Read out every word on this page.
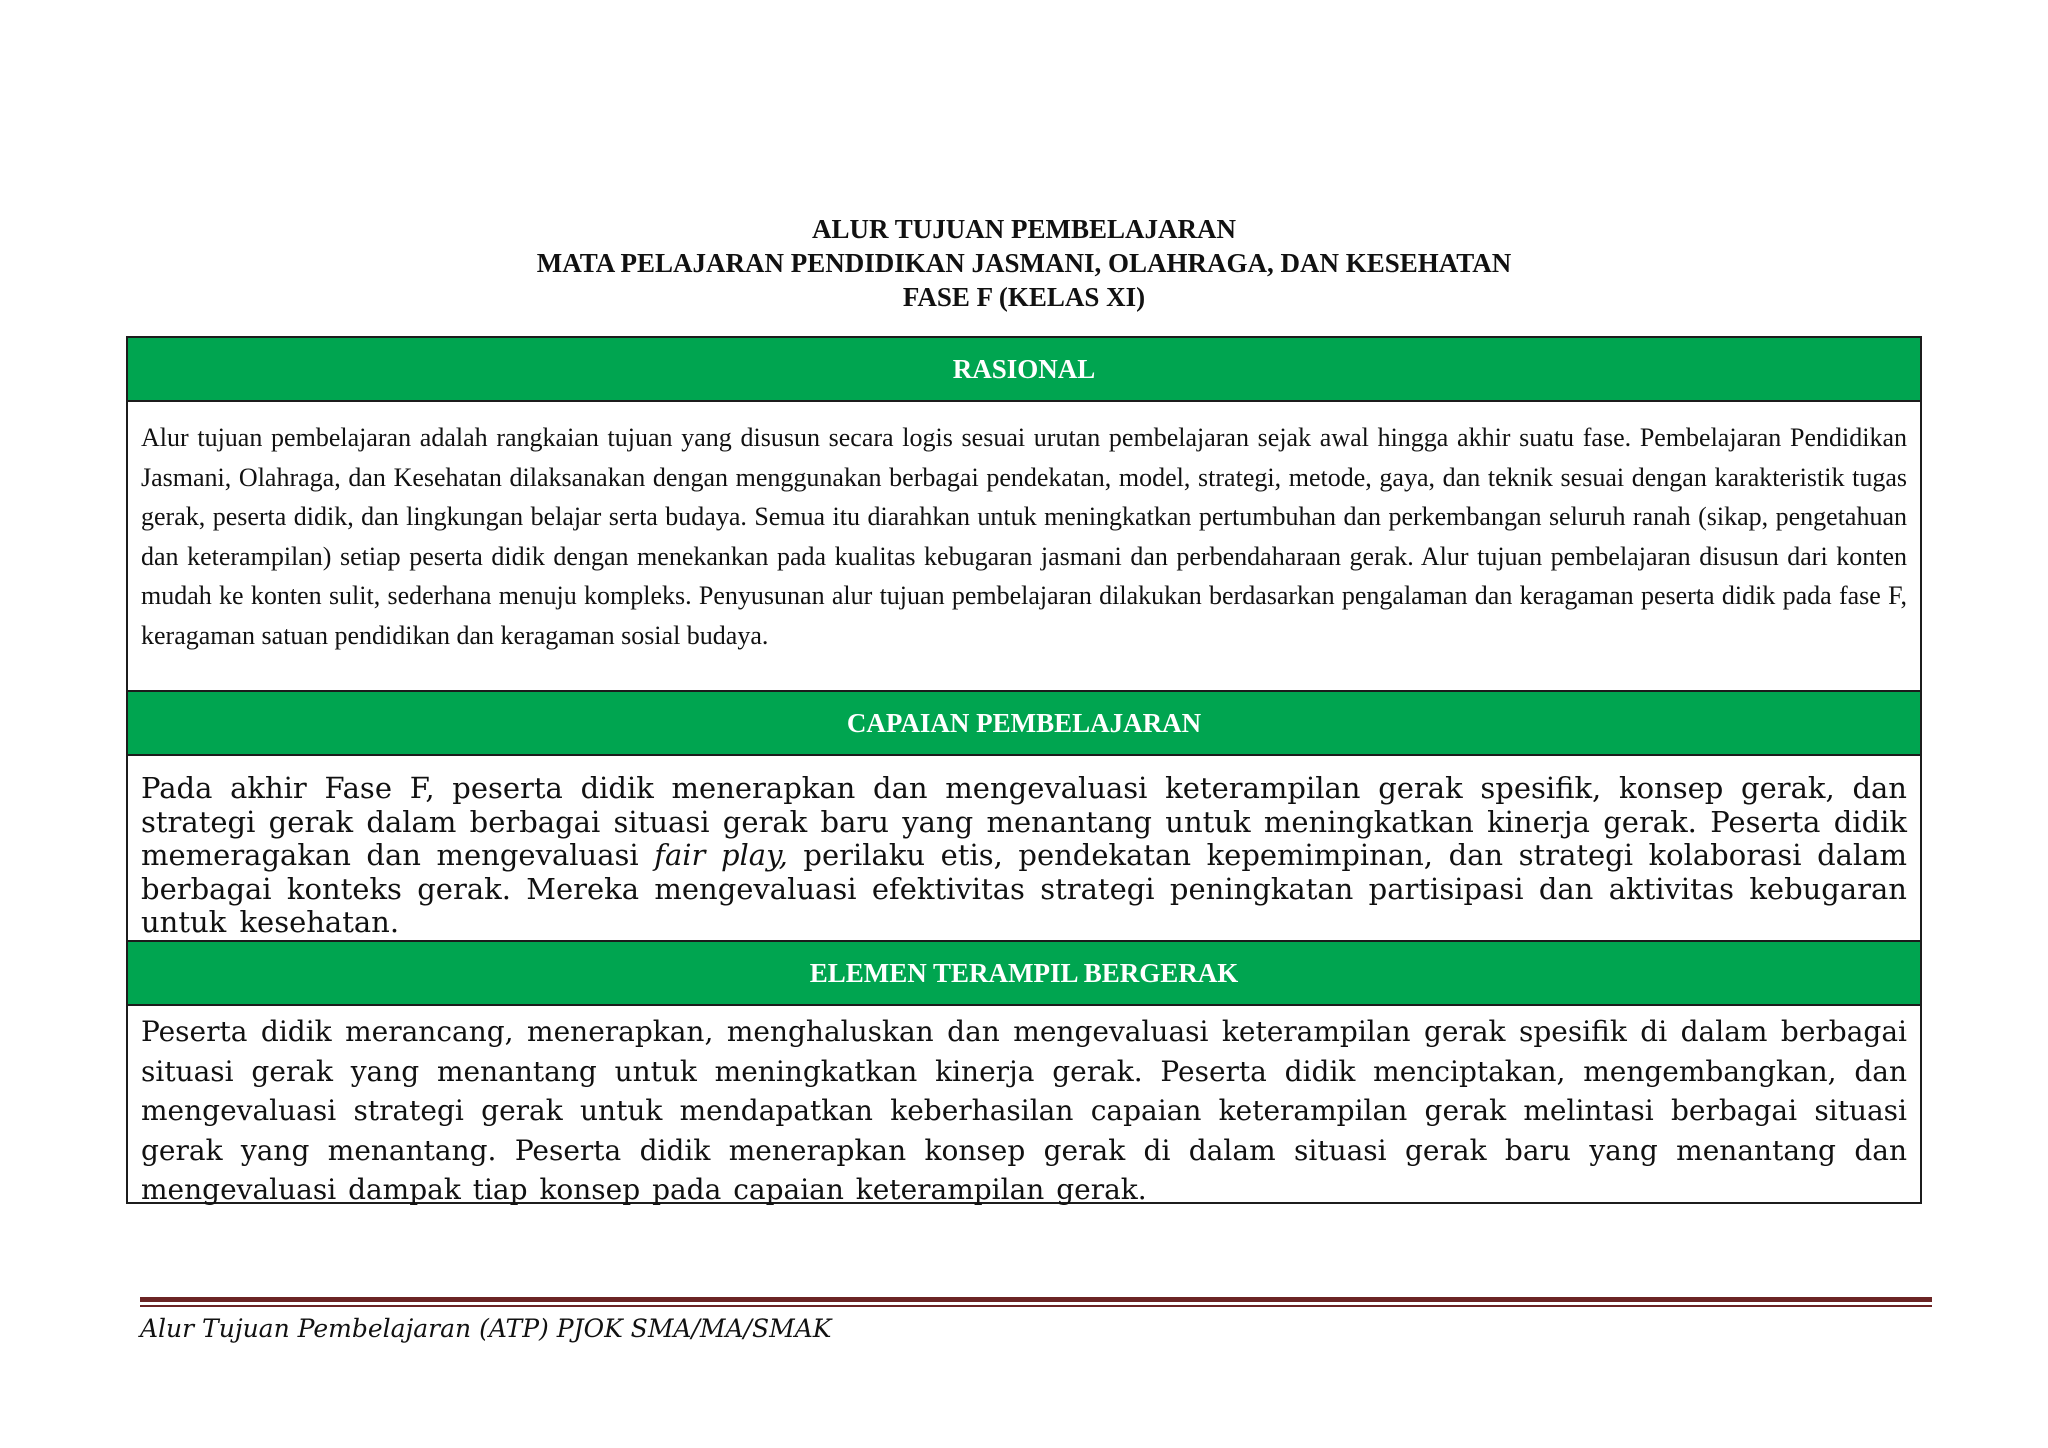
ALUR TUJUAN PEMBELAJARAN
MATA PELAJARAN PENDIDIKAN JASMANI, OLAHRAGA, DAN KESEHATAN
FASE F (KELAS XI)
RASIONAL
Alur tujuan pembelajaran adalah rangkaian tujuan yang disusun secara logis sesuai urutan pembelajaran sejak awal hingga akhir suatu fase. Pembelajaran Pendidikan Jasmani, Olahraga, dan Kesehatan dilaksanakan dengan menggunakan berbagai pendekatan, model, strategi, metode, gaya, dan teknik sesuai dengan karakteristik tugas gerak, peserta didik, dan lingkungan belajar serta budaya. Semua itu diarahkan untuk meningkatkan pertumbuhan dan perkembangan seluruh ranah (sikap, pengetahuan dan keterampilan) setiap peserta didik dengan menekankan pada kualitas kebugaran jasmani dan perbendaharaan gerak. Alur tujuan pembelajaran disusun dari konten mudah ke konten sulit, sederhana menuju kompleks. Penyusunan alur tujuan pembelajaran dilakukan berdasarkan pengalaman dan keragaman peserta didik pada fase F, keragaman satuan pendidikan dan keragaman sosial budaya.
CAPAIAN PEMBELAJARAN
Pada akhir Fase F, peserta didik menerapkan dan mengevaluasi keterampilan gerak spesifik, konsep gerak, dan strategi gerak dalam berbagai situasi gerak baru yang menantang untuk meningkatkan kinerja gerak. Peserta didik memeragakan dan mengevaluasi fair play, perilaku etis, pendekatan kepemimpinan, dan strategi kolaborasi dalam berbagai konteks gerak. Mereka mengevaluasi efektivitas strategi peningkatan partisipasi dan aktivitas kebugaran untuk kesehatan.
ELEMEN TERAMPIL BERGERAK
Peserta didik merancang, menerapkan, menghaluskan dan mengevaluasi keterampilan gerak spesifik di dalam berbagai situasi gerak yang menantang untuk meningkatkan kinerja gerak. Peserta didik menciptakan, mengembangkan, dan mengevaluasi strategi gerak untuk mendapatkan keberhasilan capaian keterampilan gerak melintasi berbagai situasi gerak yang menantang. Peserta didik menerapkan konsep gerak di dalam situasi gerak baru yang menantang dan mengevaluasi dampak tiap konsep pada capaian keterampilan gerak.
Alur Tujuan Pembelajaran (ATP) PJOK SMA/MA/SMAK
